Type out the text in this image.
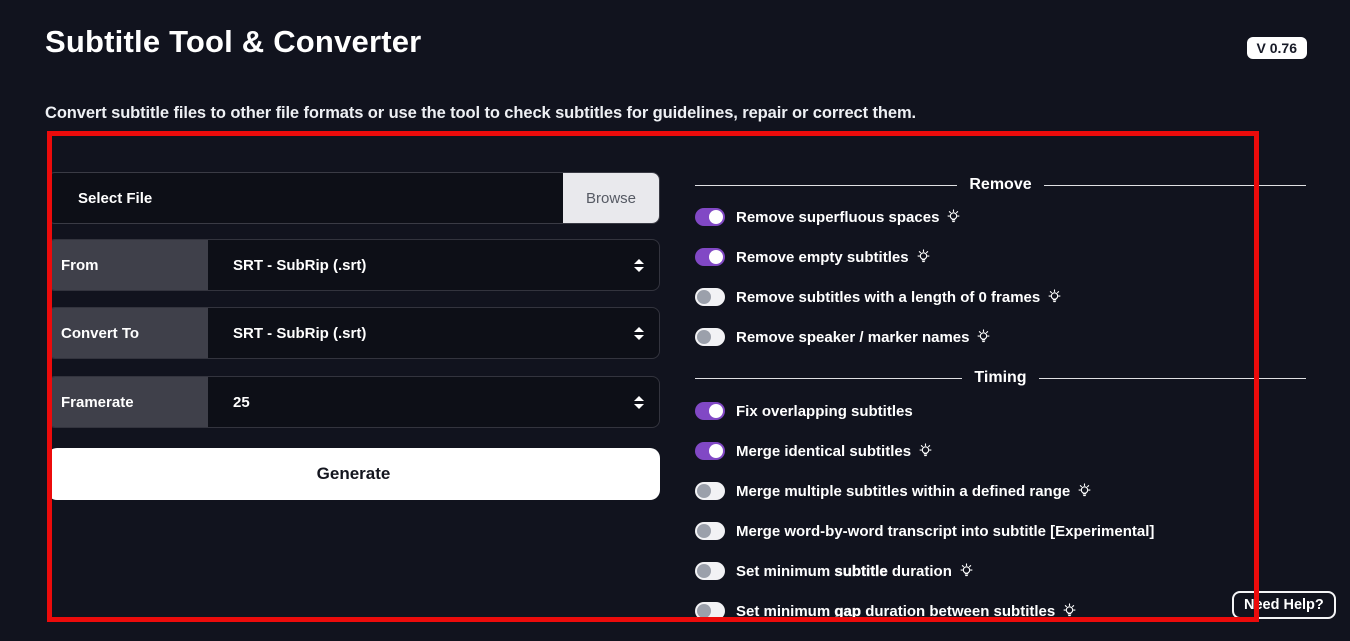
Subtitle Tool & Converter	V 0.76
Convert subtitle files to other file formats or use the tool to check subtitles for guidelines, repair or correct them.
Select File	Browse
From	SRT - SubRip (.srt)
Convert To	SRT - SubRip (.srt)
Framerate	25
Generate
Remove
Remove superfluous spaces
Remove empty subtitles
Remove subtitles with a length of 0 frames
Remove speaker / marker names
Timing
Fix overlapping subtitles
Merge identical subtitles
Merge multiple subtitles within a defined range
Merge word-by-word transcript into subtitle [Experimental]
Set minimum subtitle duration
Set minimum gap duration between subtitles	Need Help?
